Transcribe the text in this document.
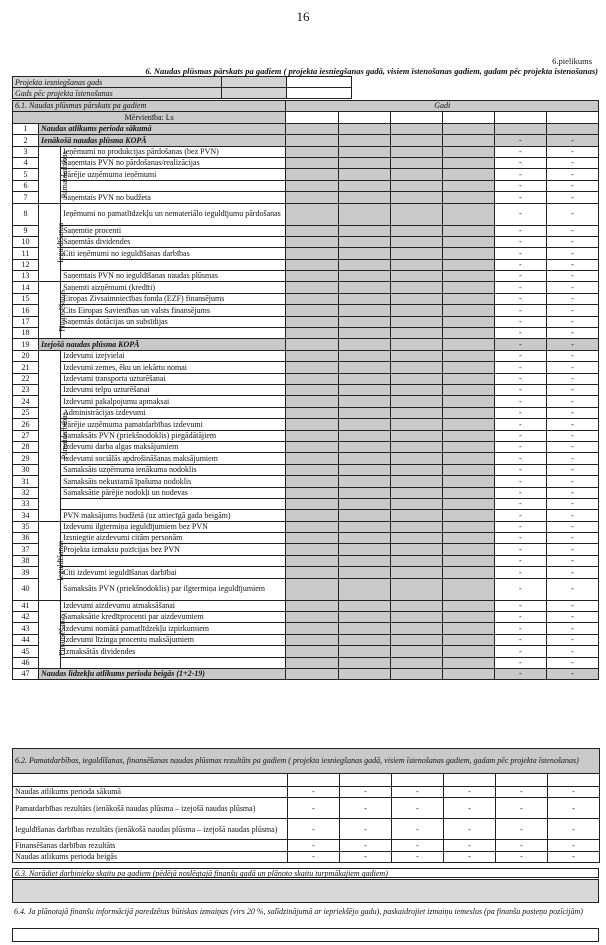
16
6.pielikums
6. Naudas plūsmas pārskats pa gadiem ( projekta iesniegšanas gadā, visiem īstenošanas gadiem, gadam pēc projekta īstenošanas)
Projekta iesniegšanas gads		
Gads pēc projekta īstenošanas		
6.1. Naudas plūsmas pārskats pa gadiem			Gadi					
Mērvienība: Ls								
1	Naudas atlikums perioda sākumā							
2	Ienākošā naudas plūsma KOPĀ						-	-
3	Pamatdarbības	Ieņēmumi no produkcijas pārdošanas (bez PVN)					-	-
4		Saņemtais PVN no pārdošanas/realizācijas					-	-
5		Pārējie uzņēmuma ieņēmumi					-	-
6							-	-
7		Saņemtais PVN no budžeta					-	-
8	Ieguldīšanas	Ieņēmumi no pamatlīdzekļu un nemateriālo ieguldījumu pārdošanas					-	-
9		Saņemtie procenti					-	-
10		Saņemtās dividendes					-	-
11		Citi ieņēmumi no ieguldīšanas darbības					-	-
12							-	-
13		Saņemtais PVN no ieguldīšanas naudas plūsmas					-	-
14	Finansēšanas	Saņemti aizņēmumi (kredīti)					-	-
15		Eiropas Zivsaimniecības fonda (EZF) finansējums					-	-
16		Cits Eiropas Savienības un valsts finansējums					-	-
17		Saņemtās dotācijas un subsīdijas					-	-
18							-	-
19	Izejošā naudas plūsma KOPĀ						-	-
20	Pamatdarbības	Izdevumi izejvielai					-	-
21		Izdevumi zemes, ēku un iekārtu nomai					-	-
22		Izdevumi transporta uzturēšanai					-	-
23		Izdevumi telpu uzturēšanai					-	-
24		Izdevumi pakalpojumu apmaksai					-	-
25		Administrācijas izdevumi					-	-
26		Pārējie uzņēmuma pamatdarbības izdevumi					-	-
27		Samaksāts PVN (priekšnodoklis) piegādātājiem					-	-
28		Izdevumi darba algas maksājumiem					-	-
29		Izdevumi sociālās apdrošināšanas maksājumiem					-	-
30		Samaksāts uzņēmuma ienākuma nodoklis					-	-
31		Samaksāts nekustamā īpašuma nodoklis					-	-
32		Samaksātie pārējie nodokļi un nodevas					-	-
33							-	-
34		PVN maksājums budžetā (uz attiecīgā gada beigām)					-	-
35	Ieguldīšanas	Izdevumi ilgtermiņa ieguldījumiem bez PVN					-	-
36		Izsniegtie aizdevumi citām personām					-	-
37		Projekta izmaksu pozīcijas bez PVN					-	-
38							-	-
39		Citi izdevumi ieguldīšanas darbībai					-	-
40		Samaksāts PVN (priekšnodoklis) par ilgtermiņa ieguldījumiem					-	-
41	Finansēšanas	Izdevumi aizdevumu atmaksāšanai					-	-
42		Samaksātie kredītprocenti par aizdevumiem					-	-
43		Izdevumi nomātā pamatlīdzekļu izpirkumiem					-	-
44		Izdevumi līzinga procentu maksājumiem					-	-
45		Izmaksātās dividendes					-	-
46							-	-
47	Naudas līdzekļu atlikums perioda beigās (1+2-19)						-	-
6.2. Pamatdarbības, ieguldīšanas, finansēšanas naudas plūsmas rezultāts pa gadiem ( projekta iesniegšanas gadā, visiem īstenošanas gadiem, gadam pēc projekta īstenošanas)						

Naudas atlikums perioda sākumā	-	-	-	-	-	-
Pamatdarbības rezultāts (ienākošā naudas plūsma – izejošā naudas plūsma)	-	-	-	-	-	-
Ieguldīšanas darbības rezultāts (ienākošā naudas plūsma – izejošā naudas plūsma)	-	-	-	-	-	-
Finansēšanas darbības rezultāts	-	-	-	-	-	-
Naudas atlikums perioda beigās	-	-	-	-	-	-
6.3. Norādiet darbinieku skaitu pa gadiem (pēdējā noslēgtajā finanšu gadā un plānoto skaitu turpmākajiem gadiem)
6.4. Ja plānotajā finanšu informācijā paredzētas būtiskas izmaiņas (virs 20 %, salīdzinājumā ar iepriekšējo gadu), paskaidrojiet izmaiņu iemeslus (pa finanšu posteņu pozīcijām)
